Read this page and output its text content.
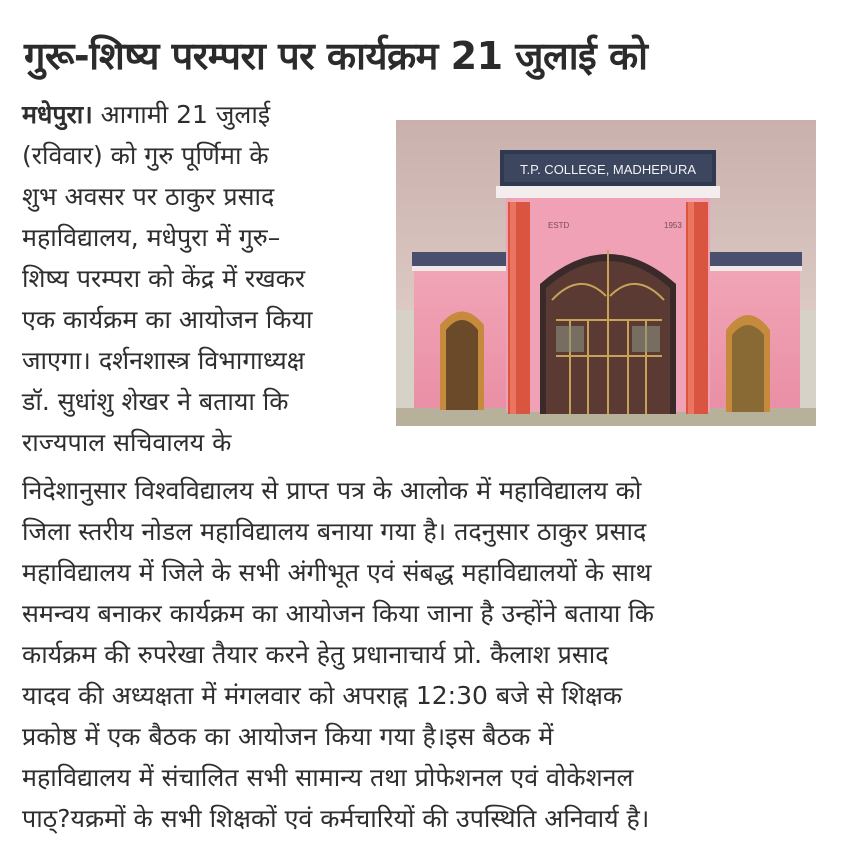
गुरू-शिष्य परम्परा पर कार्यक्रम 21 जुलाई को
मधेपुरा। आगामी 21 जुलाई
(रविवार) को गुरु पूर्णिमा के
शुभ अवसर पर ठाकुर प्रसाद
महाविद्यालय, मधेपुरा में गुरु–
शिष्य परम्परा को केंद्र में रखकर
एक कार्यक्रम का आयोजन किया
जाएगा। दर्शनशास्त्र विभागाध्यक्ष
डॉ. सुधांशु शेखर ने बताया कि
राज्यपाल सचिवालय के
निदेशानुसार विश्वविद्यालय से प्राप्त पत्र के आलोक में महाविद्यालय को
जिला स्तरीय नोडल महाविद्यालय बनाया गया है। तदनुसार ठाकुर प्रसाद
महाविद्यालय में जिले के सभी अंगीभूत एवं संबद्ध महाविद्यालयों के साथ
समन्वय बनाकर कार्यक्रम का आयोजन किया जाना है उन्होंने बताया कि
कार्यक्रम की रुपरेखा तैयार करने हेतु प्रधानाचार्य प्रो. कैलाश प्रसाद
यादव की अध्यक्षता में मंगलवार को अपराह्न 12:30 बजे से शिक्षक
प्रकोष्ठ में एक बैठक का आयोजन किया गया है।इस बैठक में
महाविद्यालय में संचालित सभी सामान्य तथा प्रोफेशनल एवं वोकेशनल
पाठ्?यक्रमों के सभी शिक्षकों एवं कर्मचारियों की उपस्थिति अनिवार्य है।
T.P. COLLEGE, MADHEPURA
ESTD	1953
